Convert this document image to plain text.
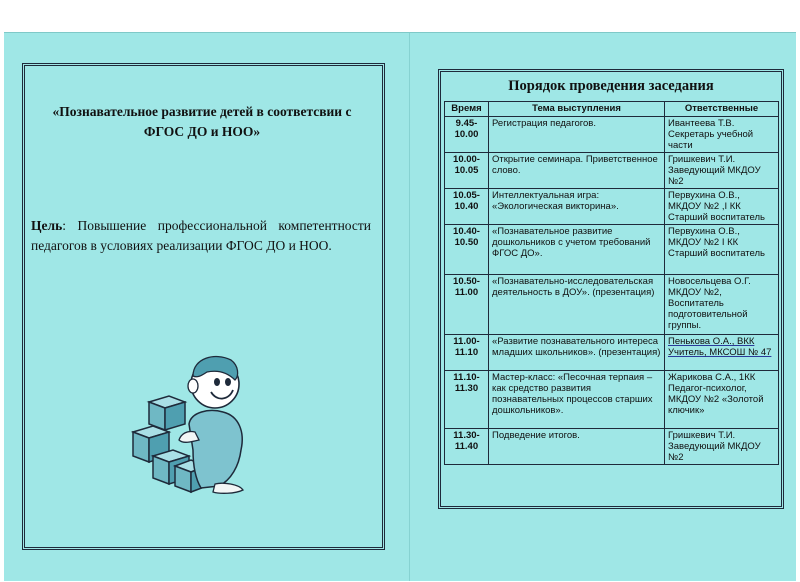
«Познавательное развитие детей в соответсвии с
ФГОС ДО и НОО»
Цель: Повышение профессиональной компетентности педагогов в условиях реализации ФГОС ДО и НОО.
Порядок проведения заседания
Время	Тема выступления	Ответственные
9.45-10.00	Регистрация педагогов.	Ивантеева Т.В. Секретарь учебной части
10.00-10.05	Открытие семинара. Приветственное слово.	Гришкевич Т.И. Заведующий МКДОУ №2
10.05-10.40	Интеллектуальная игра: «Экологическая викторина».	Первухина О.В., МКДОУ №2 ,I КК Старший воспитатель
10.40-10.50	«Познавательное развитие дошкольников с учетом требований ФГОС ДО».	Первухина О.В., МКДОУ №2 I КК Старший воспитатель
10.50-11.00	«Познавательно-исследовательская деятельность в ДОУ». (презентация)	Новосельцева О.Г. МКДОУ №2, Воспитатель подготовительной группы.
11.00-11.10	«Развитие познавательного интереса младших школьников». (презентация)	Пенькова О.А., ВКК Учитель, МКСОШ № 47
11.10-11.30	Мастер-класс: «Песочная терпаия – как средство развития познавательных процессов старших дошкольников».	Жарикова С.А., 1КК Педагог-психолог, МКДОУ №2 «Золотой ключик»
11.30-11.40	Подведение итогов.	Гришкевич Т.И. Заведующий МКДОУ №2
